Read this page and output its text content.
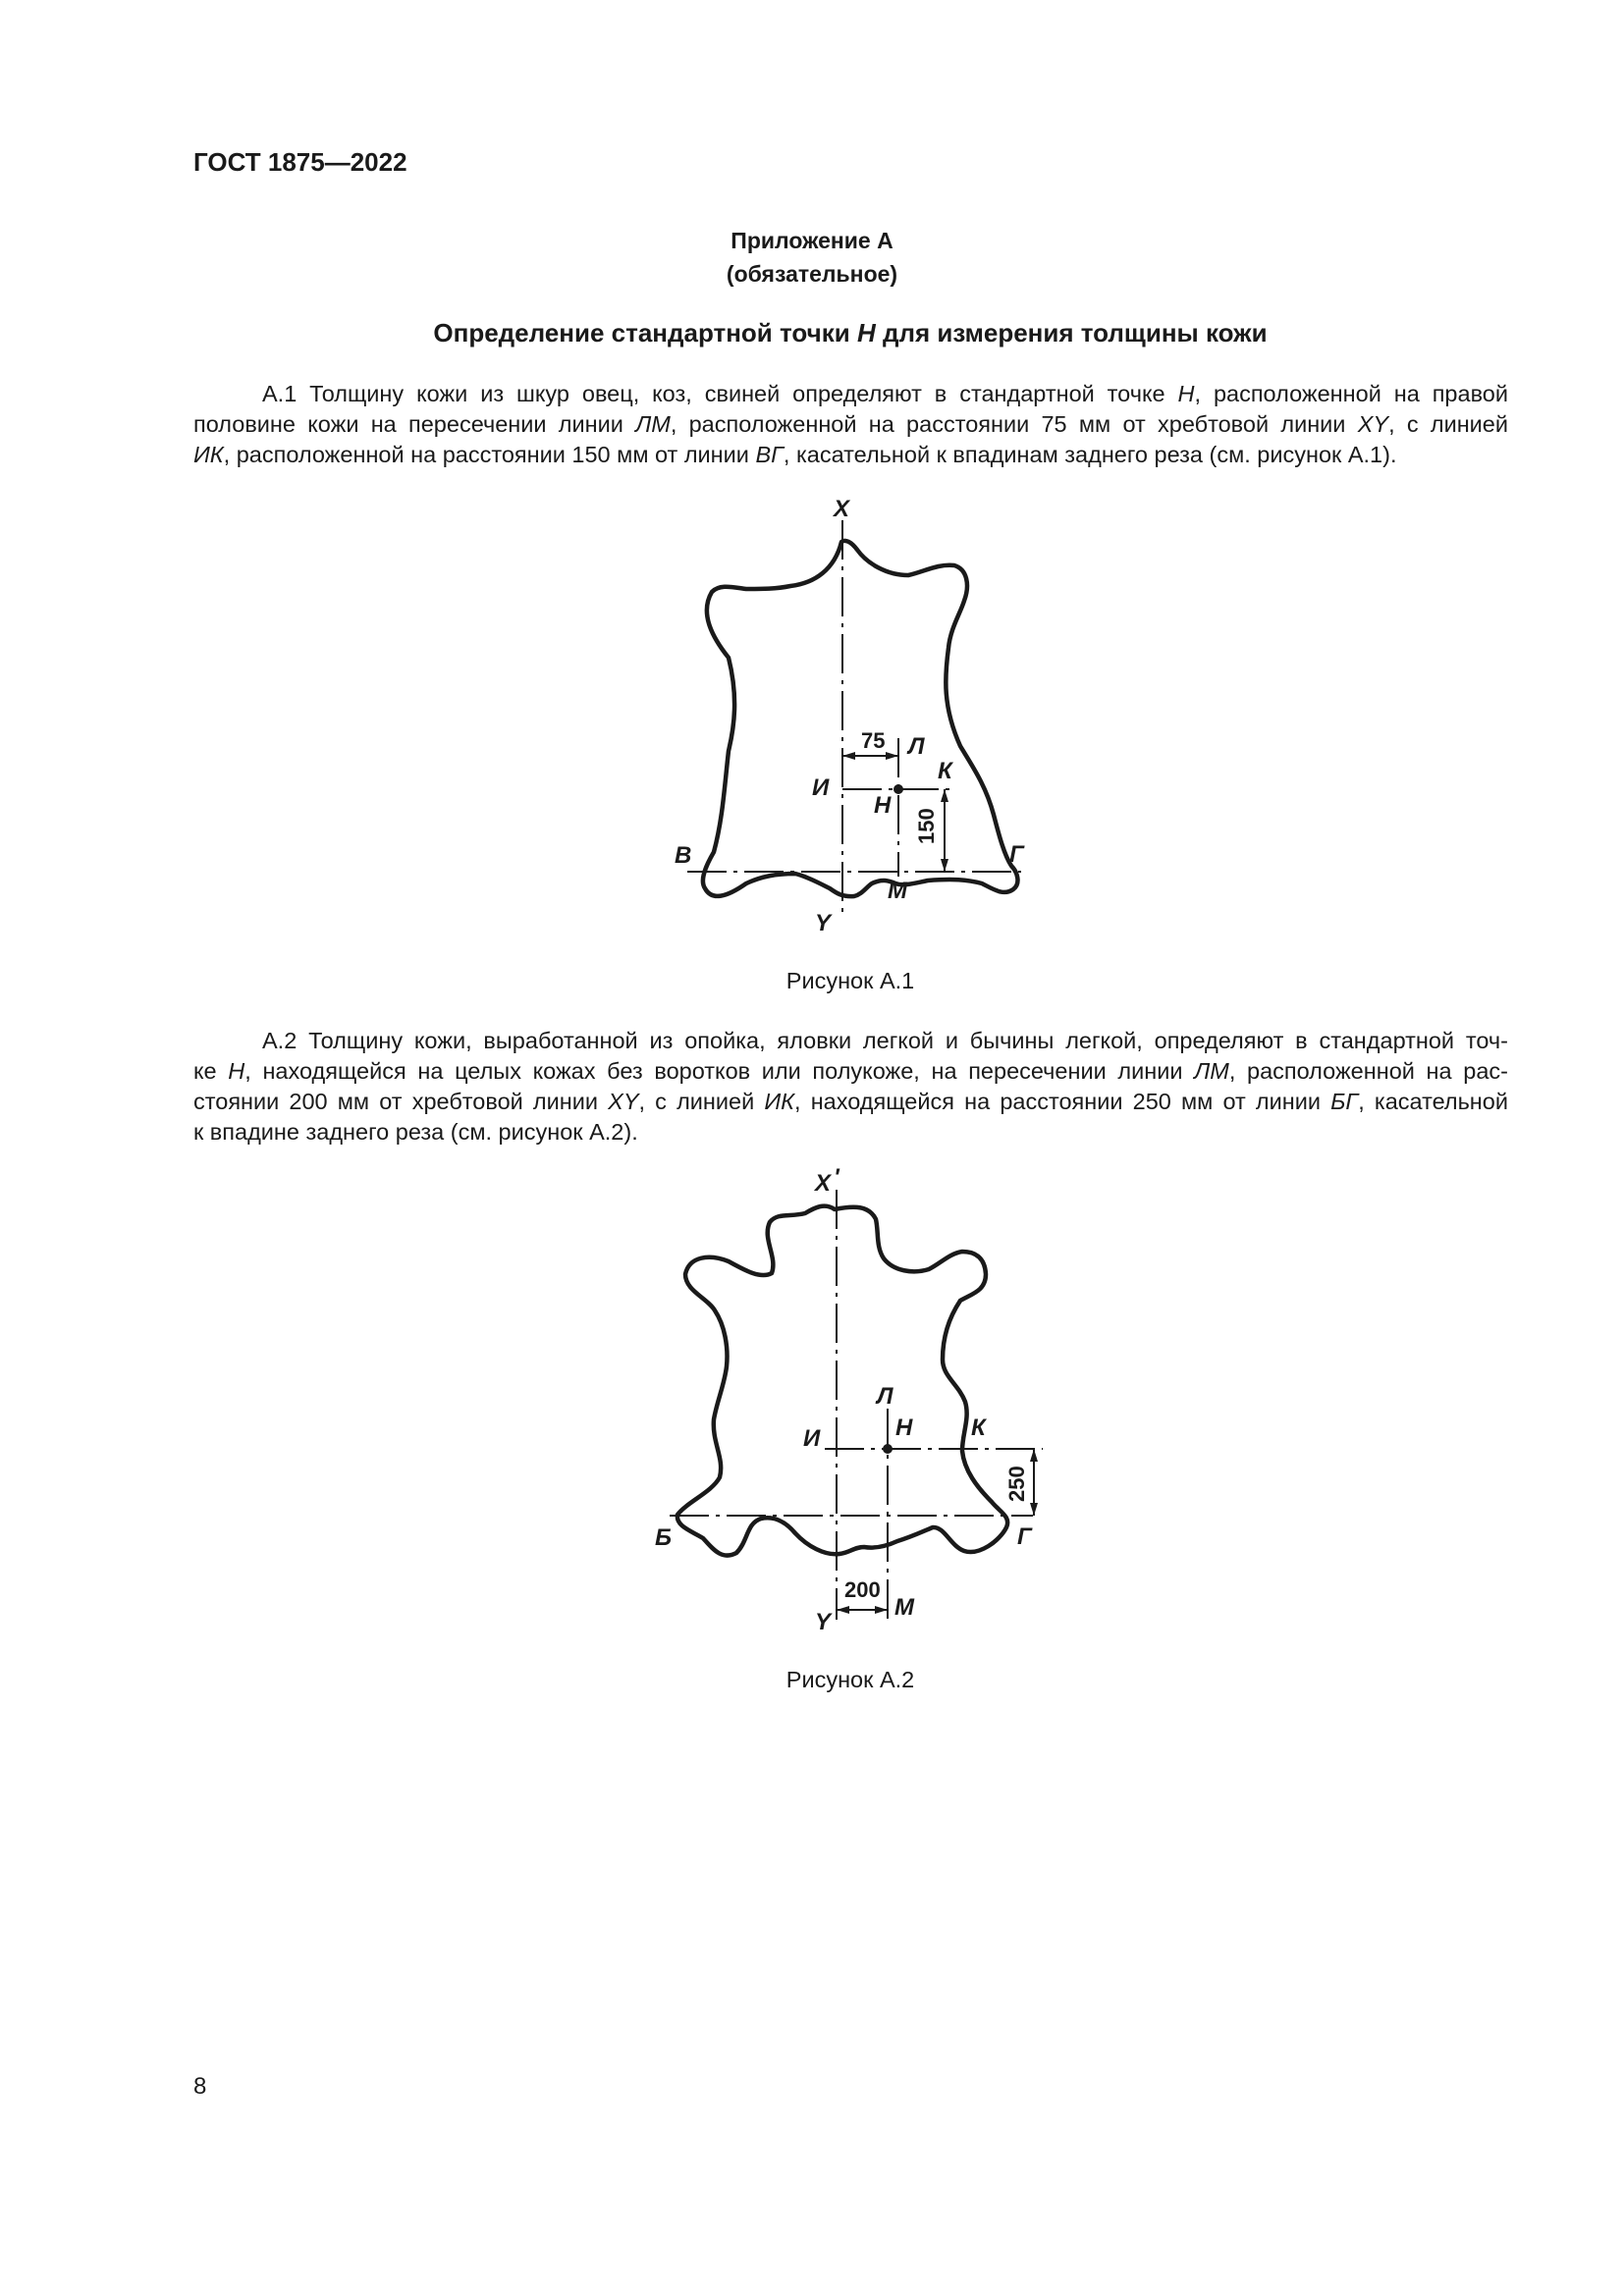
ГОСТ 1875—2022
Приложение А
(обязательное)
Определение стандартной точки Н для измерения толщины кожи
А.1 Толщину кожи из шкур овец, коз, свиней определяют в стандартной точке Н, расположенной на правой
половине кожи на пересечении линии ЛМ, расположенной на расстоянии 75 мм от хребтовой линии XY, с линией
ИК, расположенной на расстоянии 150 мм от линии ВГ, касательной к впадинам заднего реза (см. рисунок А.1).
X
Y
Л
К
И
Н
В	Г
М
75
150
X '
Y
Л
Н К
И
Б	Г
М
200
250
Рисунок А.1
А.2 Толщину кожи, выработанной из опойка, яловки легкой и бычины легкой, определяют в стандартной точ-
ке Н, находящейся на целых кожах без воротков или полукоже, на пересечении линии ЛМ, расположенной на рас-
стоянии 200 мм от хребтовой линии XY, с линией ИК, находящейся на расстоянии 250 мм от линии БГ, касательной
к впадине заднего реза (см. рисунок А.2).
Рисунок А.2
8
